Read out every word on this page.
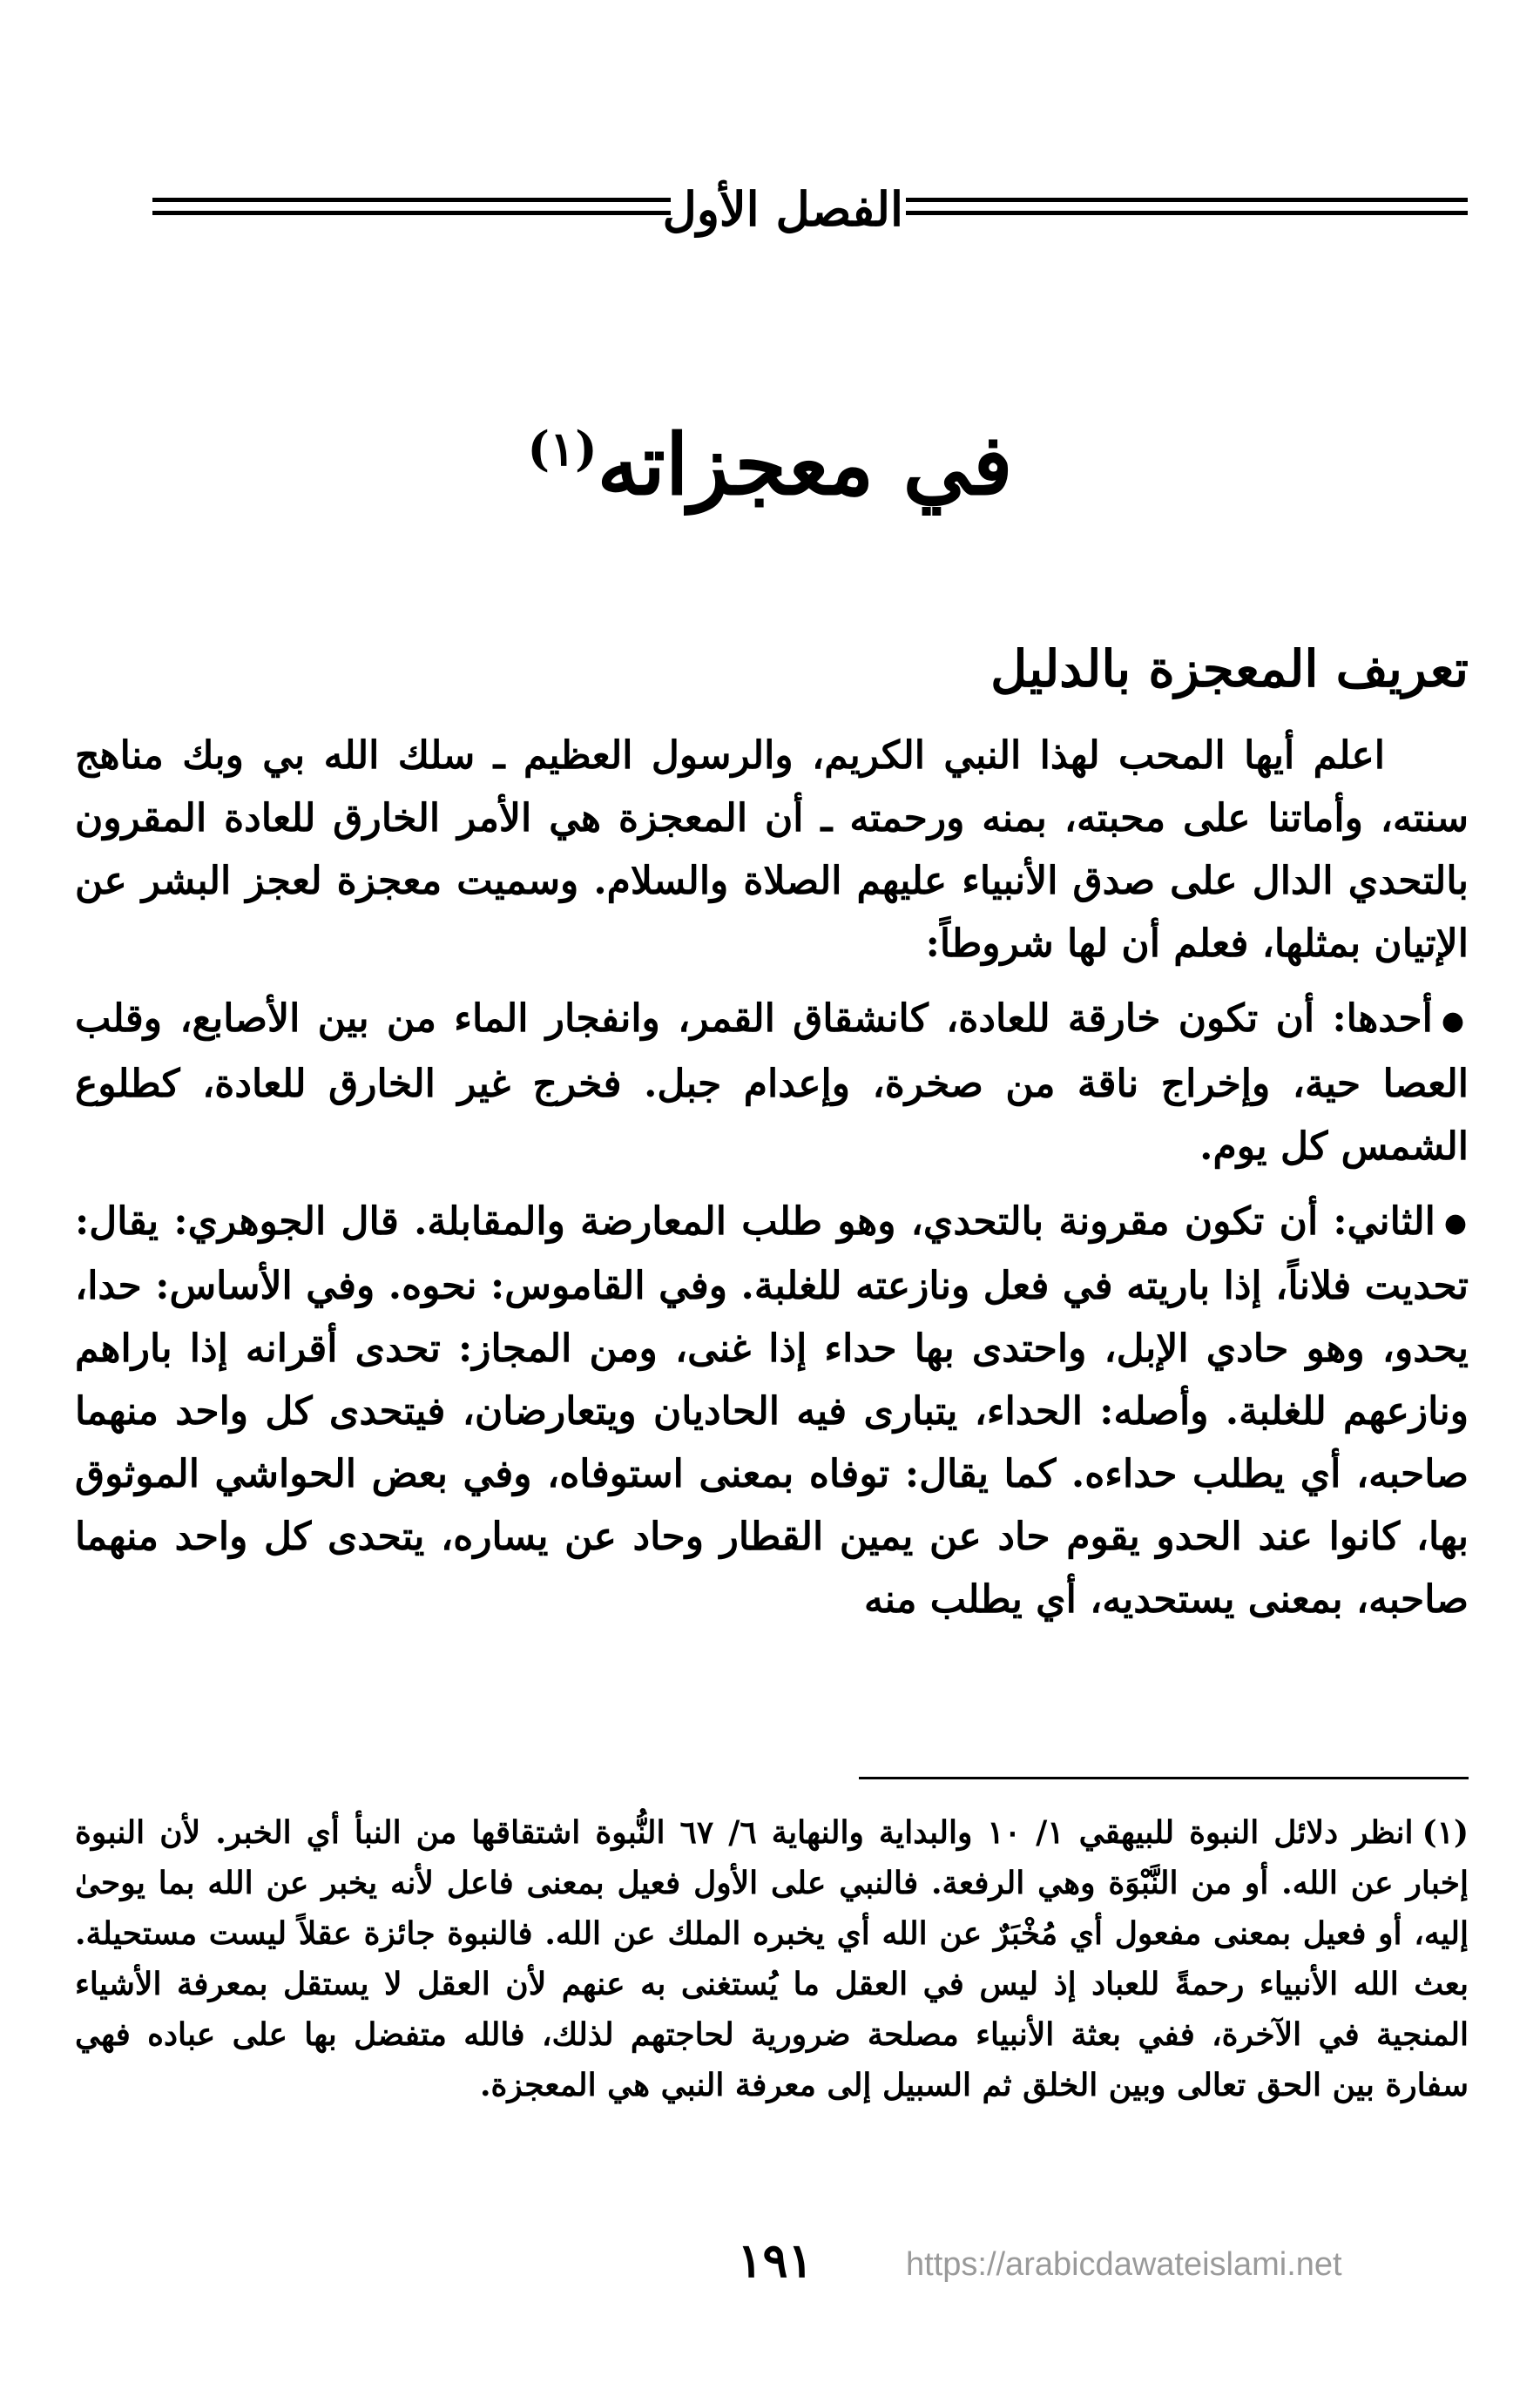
الفصل الأول
في معجزاته$^{(١)}$
تعريف المعجزة بالدليل

اعلم أيها المحب لهذا النبي الكريم، والرسول العظيم ـ سلك الله بي وبك مناهج سنته، وأماتنا على محبته، بمنه ورحمته ـ أن المعجزة هي الأمر الخارق للعادة المقرون بالتحدي الدال على صدق الأنبياء عليهم الصلاة والسلام. وسميت معجزة لعجز البشر عن الإتيان بمثلها، فعلم أن لها شروطاً:

●أحدها: أن تكون خارقة للعادة، كانشقاق القمر، وانفجار الماء من بين الأصابع، وقلب العصا حية، وإخراج ناقة من صخرة، وإعدام جبل. فخرج غير الخارق للعادة، كطلوع الشمس كل يوم.

●الثاني: أن تكون مقرونة بالتحدي، وهو طلب المعارضة والمقابلة. قال الجوهري: يقال: تحديت فلاناً، إذا باريته في فعل ونازعته للغلبة. وفي القاموس: نحوه. وفي الأساس: حدا، يحدو، وهو حادي الإبل، واحتدى بها حداء إذا غنى، ومن المجاز: تحدى أقرانه إذا باراهم ونازعهم للغلبة. وأصله: الحداء، يتبارى فيه الحاديان ويتعارضان، فيتحدى كل واحد منهما صاحبه، أي يطلب حداءه. كما يقال: توفاه بمعنى استوفاه، وفي بعض الحواشي الموثوق بها، كانوا عند الحدو يقوم حاد عن يمين القطار وحاد عن يساره، يتحدى كل واحد منهما صاحبه، بمعنى يستحديه، أي يطلب منه

(١)انظر دلائل النبوة للبيهقي ١/ ١٠ والبداية والنهاية ٦/ ٦٧ النُّبوة اشتقاقها من النبأ أي الخبر. لأن النبوة إخبار عن الله. أو من النَّبْوَة وهي الرفعة. فالنبي على الأول فعيل بمعنى فاعل لأنه يخبر عن الله بما يوحىٰ إليه، أو فعيل بمعنى مفعول أي مُخْبَرٌ عن الله أي يخبره الملك عن الله. فالنبوة جائزة عقلاً ليست مستحيلة. بعث الله الأنبياء رحمةً للعباد إذ ليس في العقل ما يُستغنى به عنهم لأن العقل لا يستقل بمعرفة الأشياء المنجية في الآخرة، ففي بعثة الأنبياء مصلحة ضرورية لحاجتهم لذلك، فالله متفضل بها على عباده فهي سفارة بين الحق تعالى وبين الخلق ثم السبيل إلى معرفة النبي هي المعجزة.
١٩١	https://arabicdawateislami.net
